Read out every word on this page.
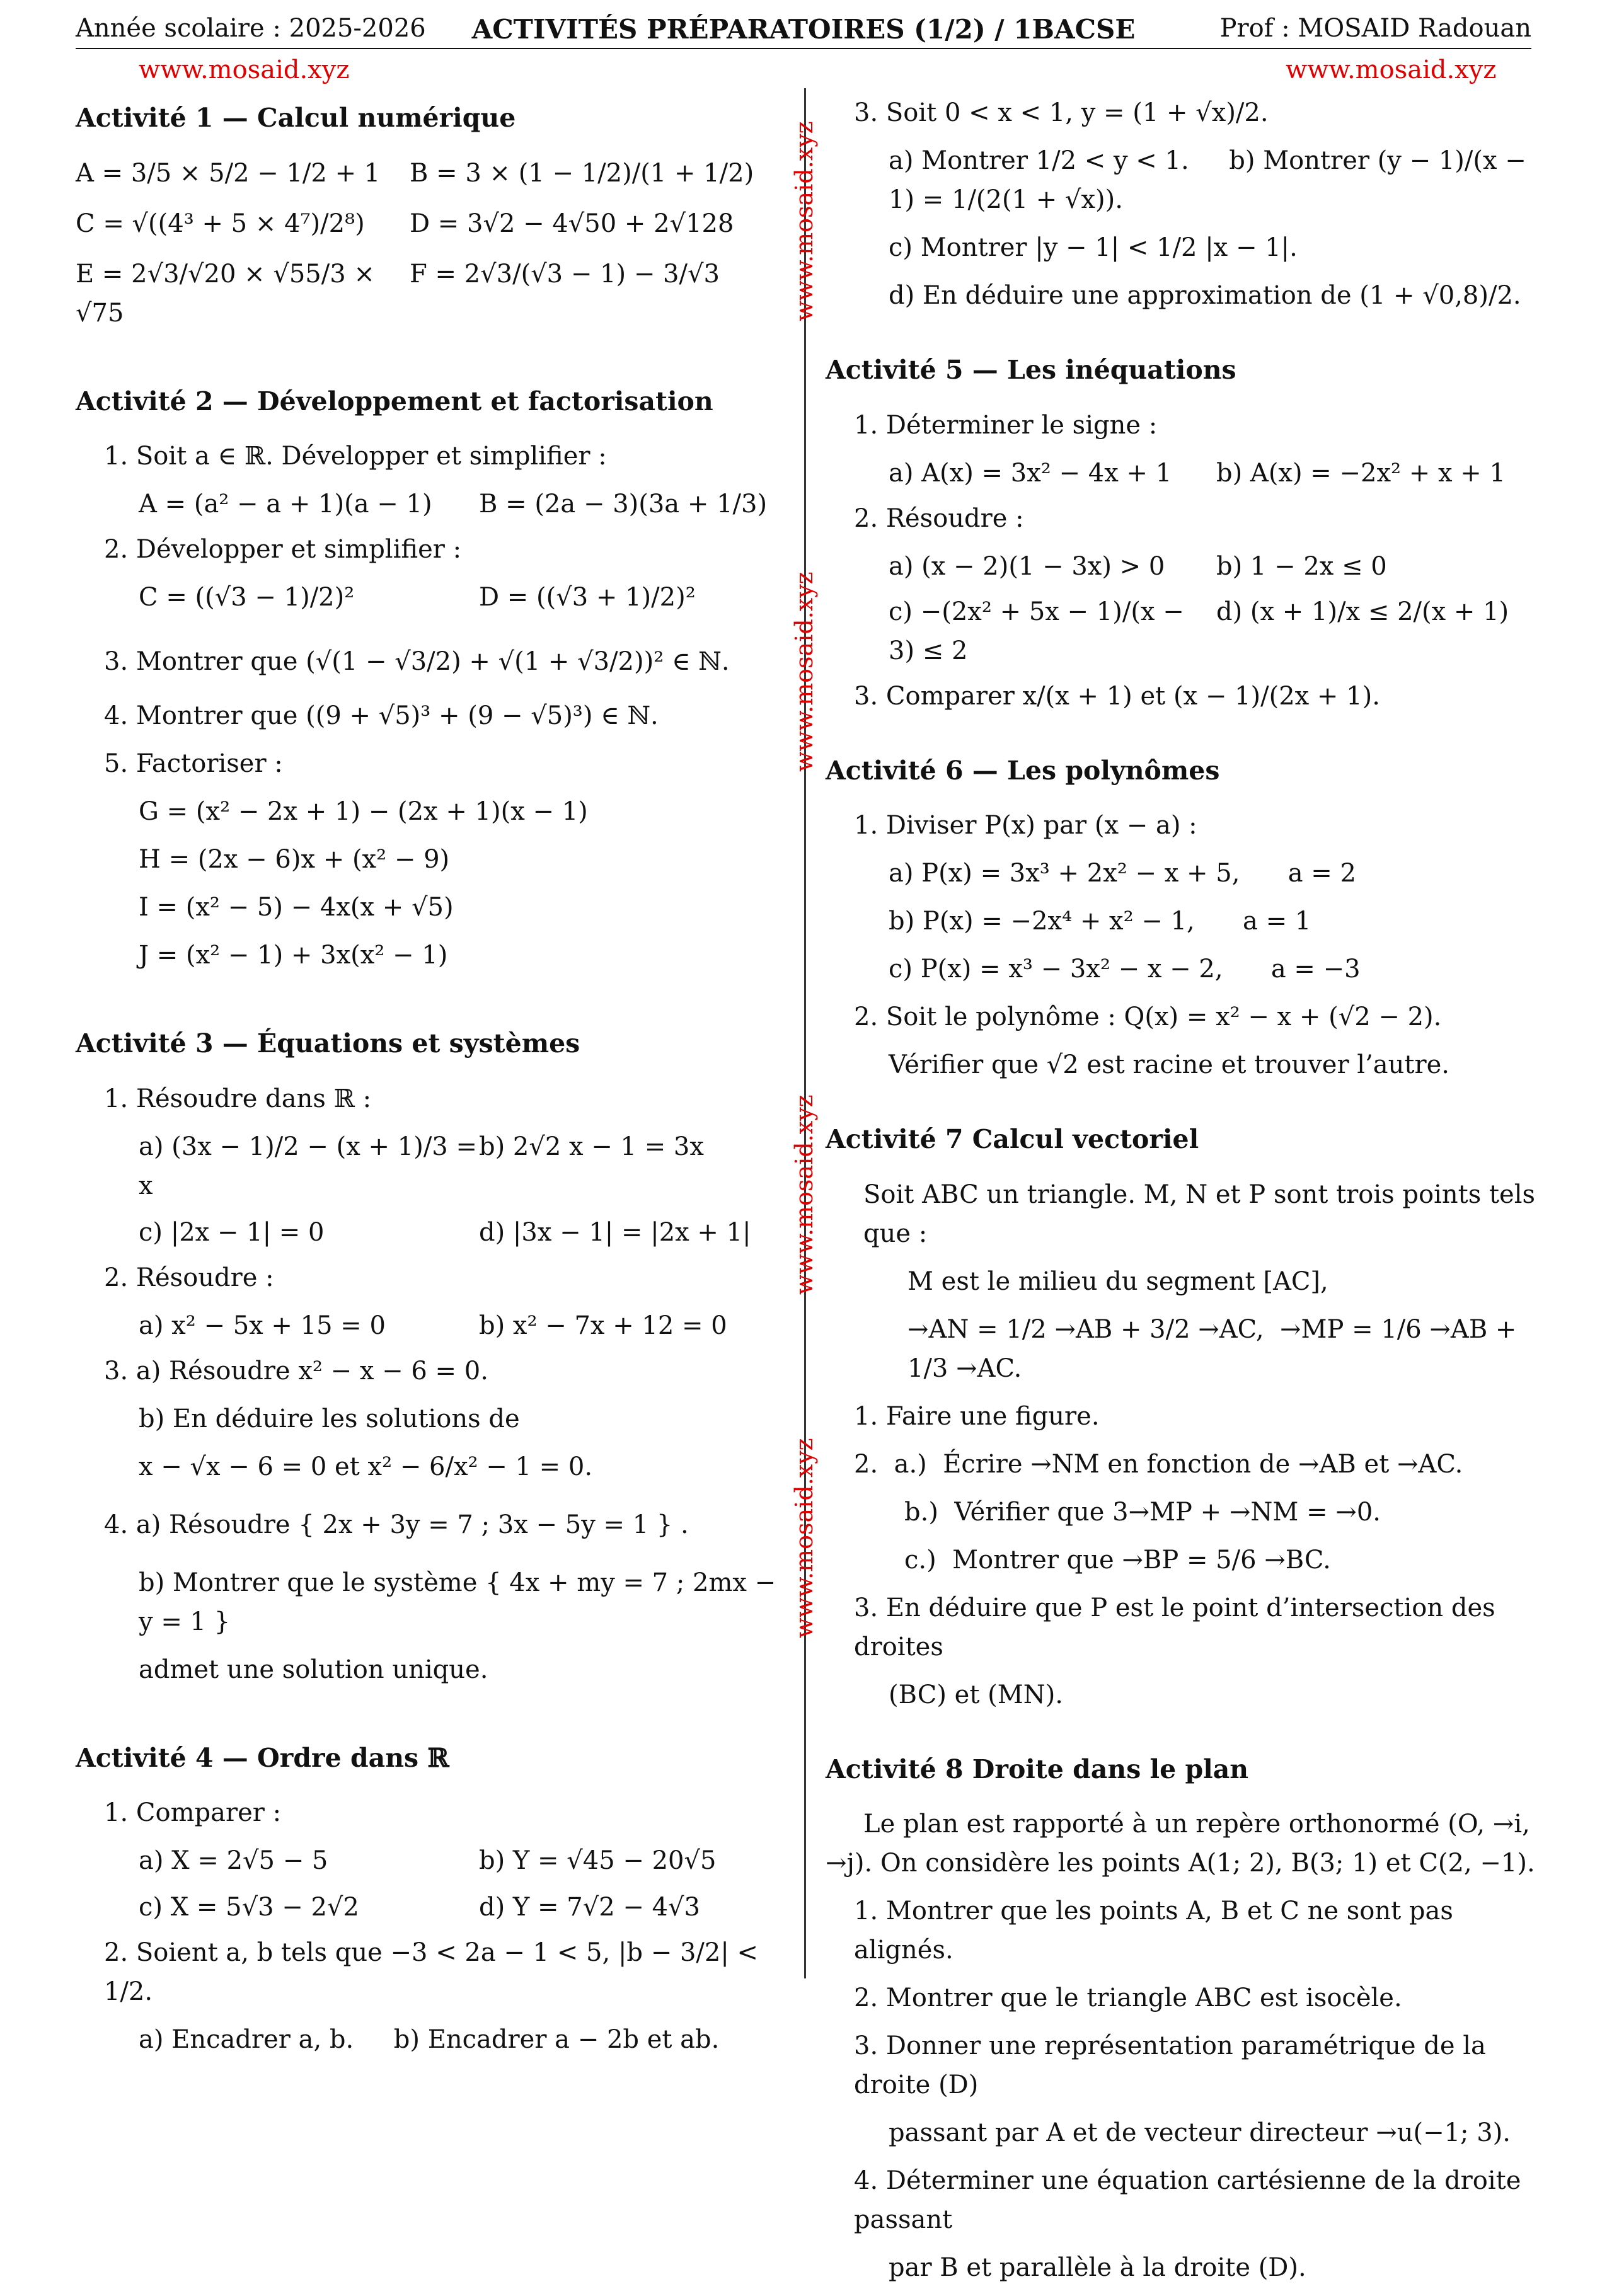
Année scolaire : 2025-2026	ACTIVITÉS PRÉPARATOIRES (1/2) / 1BACSE	Prof : MOSAID Radouan
www.mosaid.xyz	www.mosaid.xyz
www.mosaid.xyz
www.mosaid.xyz
www.mosaid.xyz
www.mosaid.xyz
Activité 1 — Calcul numérique
A = 3/5 × 5/2 − 1/2 + 1	B = 3 × (1 − 1/2)/(1 + 1/2)
C = √((4³ + 5 × 4⁷)/2⁸)	D = 3√2 − 4√50 + 2√128
E = 2√3/√20 × √55/3 × √75
F = 2√3/(√3 − 1) − 3/√3
Activité 2 — Développement et factorisation
1. Soit a ∈ ℝ. Développer et simplifier :
A = (a² − a + 1)(a − 1)	B = (2a − 3)(3a + 1/3)
2. Développer et simplifier :
C = ((√3 − 1)/2)²	D = ((√3 + 1)/2)²
3. Montrer que (√(1 − √3/2) + √(1 + √3/2))² ∈ ℕ.
4. Montrer que ((9 + √5)³ + (9 − √5)³) ∈ ℕ.
5. Factoriser :
G = (x² − 2x + 1) − (2x + 1)(x − 1)
H = (2x − 6)x + (x² − 9)
I = (x² − 5) − 4x(x + √5)
J = (x² − 1) + 3x(x² − 1)
Activité 3 — Équations et systèmes
1. Résoudre dans ℝ :
a) (3x − 1)/2 − (x + 1)/3 = x
b) 2√2 x − 1 = 3x
c) |2x − 1| = 0	d) |3x − 1| = |2x + 1|
2. Résoudre :
a) x² − 5x + 15 = 0	b) x² − 7x + 12 = 0
3. a) Résoudre x² − x − 6 = 0.
b) En déduire les solutions de
x − √x − 6 = 0 et x² − 6/x² − 1 = 0.
4. a) Résoudre { 2x + 3y = 7 ; 3x − 5y = 1 } .
b) Montrer que le système { 4x + my = 7 ; 2mx − y = 1 }
admet une solution unique.
Activité 4 — Ordre dans ℝ
1. Comparer :
a) X = 2√5 − 5	b) Y = √45 − 20√5
c) X = 5√3 − 2√2	d) Y = 7√2 − 4√3
2. Soient a, b tels que −3 < 2a − 1 < 5, |b − 3/2| < 1/2.
a) Encadrer a, b.     b) Encadrer a − 2b et ab.
3. Soit 0 < x < 1, y = (1 + √x)/2.
a) Montrer 1/2 < y < 1.     b) Montrer (y − 1)/(x − 1) = 1/(2(1 + √x)).
c) Montrer |y − 1| < 1/2 |x − 1|.
d) En déduire une approximation de (1 + √0,8)/2.
Activité 5 — Les inéquations
1. Déterminer le signe :
a) A(x) = 3x² − 4x + 1	b) A(x) = −2x² + x + 1
2. Résoudre :
a) (x − 2)(1 − 3x) > 0	b) 1 − 2x ≤ 0
c) −(2x² + 5x − 1)/(x − 3) ≤ 2
d) (x + 1)/x ≤ 2/(x + 1)
3. Comparer x/(x + 1) et (x − 1)/(2x + 1).
Activité 6 — Les polynômes
1. Diviser P(x) par (x − a) :
a) P(x) = 3x³ + 2x² − x + 5,      a = 2
b) P(x) = −2x⁴ + x² − 1,      a = 1
c) P(x) = x³ − 3x² − x − 2,      a = −3
2. Soit le polynôme : Q(x) = x² − x + (√2 − 2).
Vérifier que √2 est racine et trouver l’autre.
Activité 7 Calcul vectoriel
Soit ABC un triangle. M, N et P sont trois points tels que :
M est le milieu du segment [AC],
→AN = 1/2 →AB + 3/2 →AC,  →MP = 1/6 →AB + 1/3 →AC.
1. Faire une figure.
2.  a.)  Écrire →NM en fonction de →AB et →AC.
b.)  Vérifier que 3→MP + →NM = →0.
c.)  Montrer que →BP = 5/6 →BC.
3. En déduire que P est le point d’intersection des droites
(BC) et (MN).
Activité 8 Droite dans le plan
Le plan est rapporté à un repère orthonormé (O, →i, →j). On considère les points A(1; 2), B(3; 1) et C(2, −1).
1. Montrer que les points A, B et C ne sont pas alignés.
2. Montrer que le triangle ABC est isocèle.
3. Donner une représentation paramétrique de la droite (D)
passant par A et de vecteur directeur →u(−1; 3).
4. Déterminer une équation cartésienne de la droite passant
par B et parallèle à la droite (D).
